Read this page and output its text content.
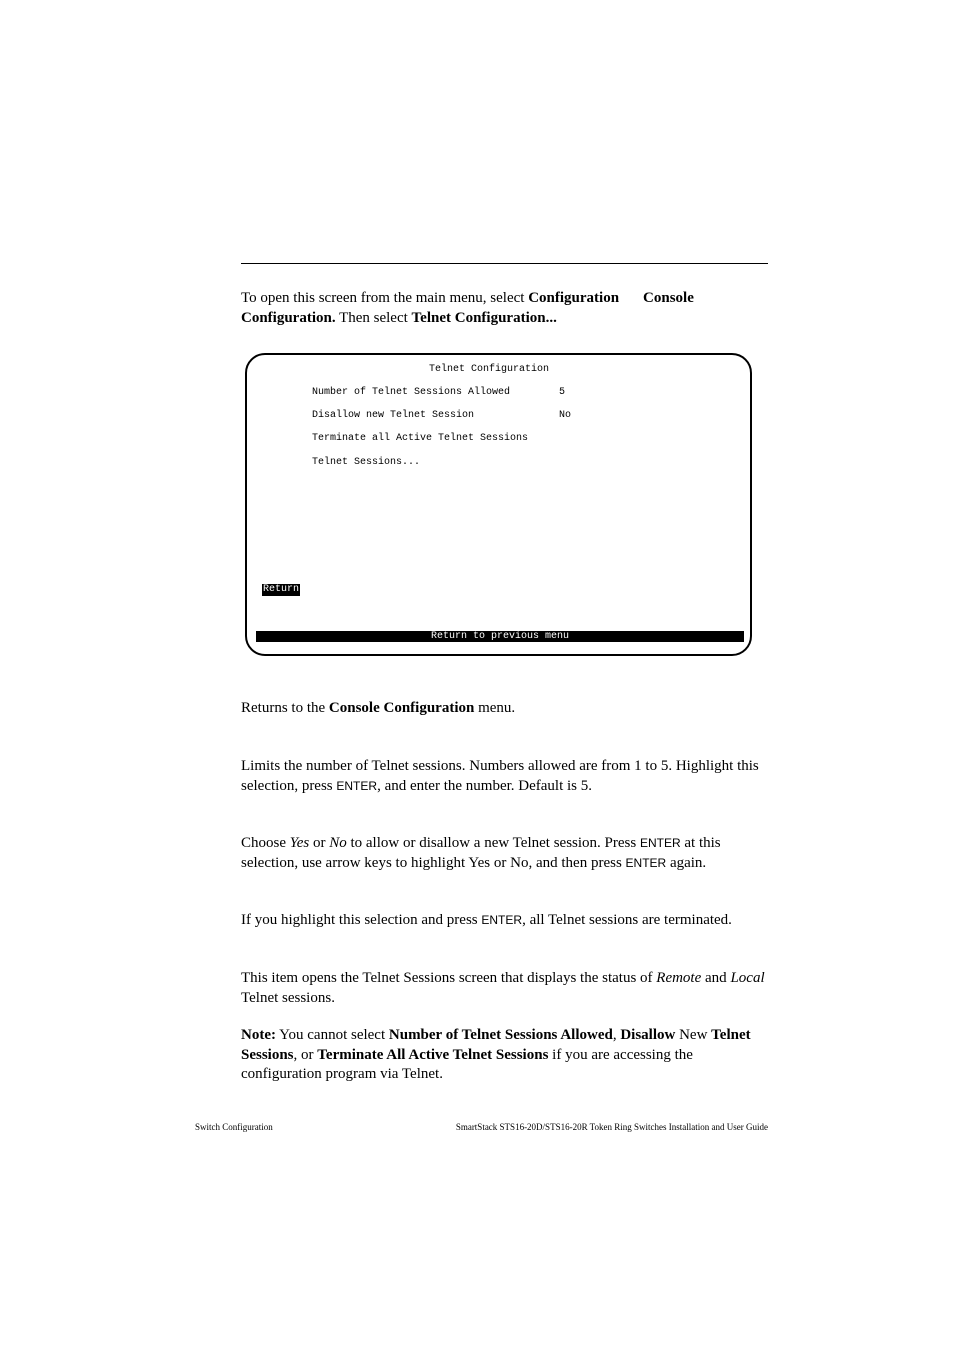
To open this screen from the main menu, select Configuration Console Configuration. Then select Telnet Configuration...
Telnet Configuration
Number of Telnet Sessions Allowed	5
Disallow new Telnet Session	No
Terminate all Active Telnet Sessions
Telnet Sessions...
Return
Return to previous menu
Returns to the Console Configuration menu.
Limits the number of Telnet sessions. Numbers allowed are from 1 to 5. Highlight this selection, press ENTER, and enter the number. Default is 5.
Choose Yes or No to allow or disallow a new Telnet session. Press ENTER at this selection, use arrow keys to highlight Yes or No, and then press ENTER again.
If you highlight this selection and press ENTER, all Telnet sessions are terminated.
This item opens the Telnet Sessions screen that displays the status of Remote and Local Telnet sessions.
Note: You cannot select Number of Telnet Sessions Allowed, Disallow New Telnet Sessions, or Terminate All Active Telnet Sessions if you are accessing the configuration program via Telnet.
Switch Configuration	SmartStack STS16-20D/STS16-20R Token Ring Switches Installation and User Guide
